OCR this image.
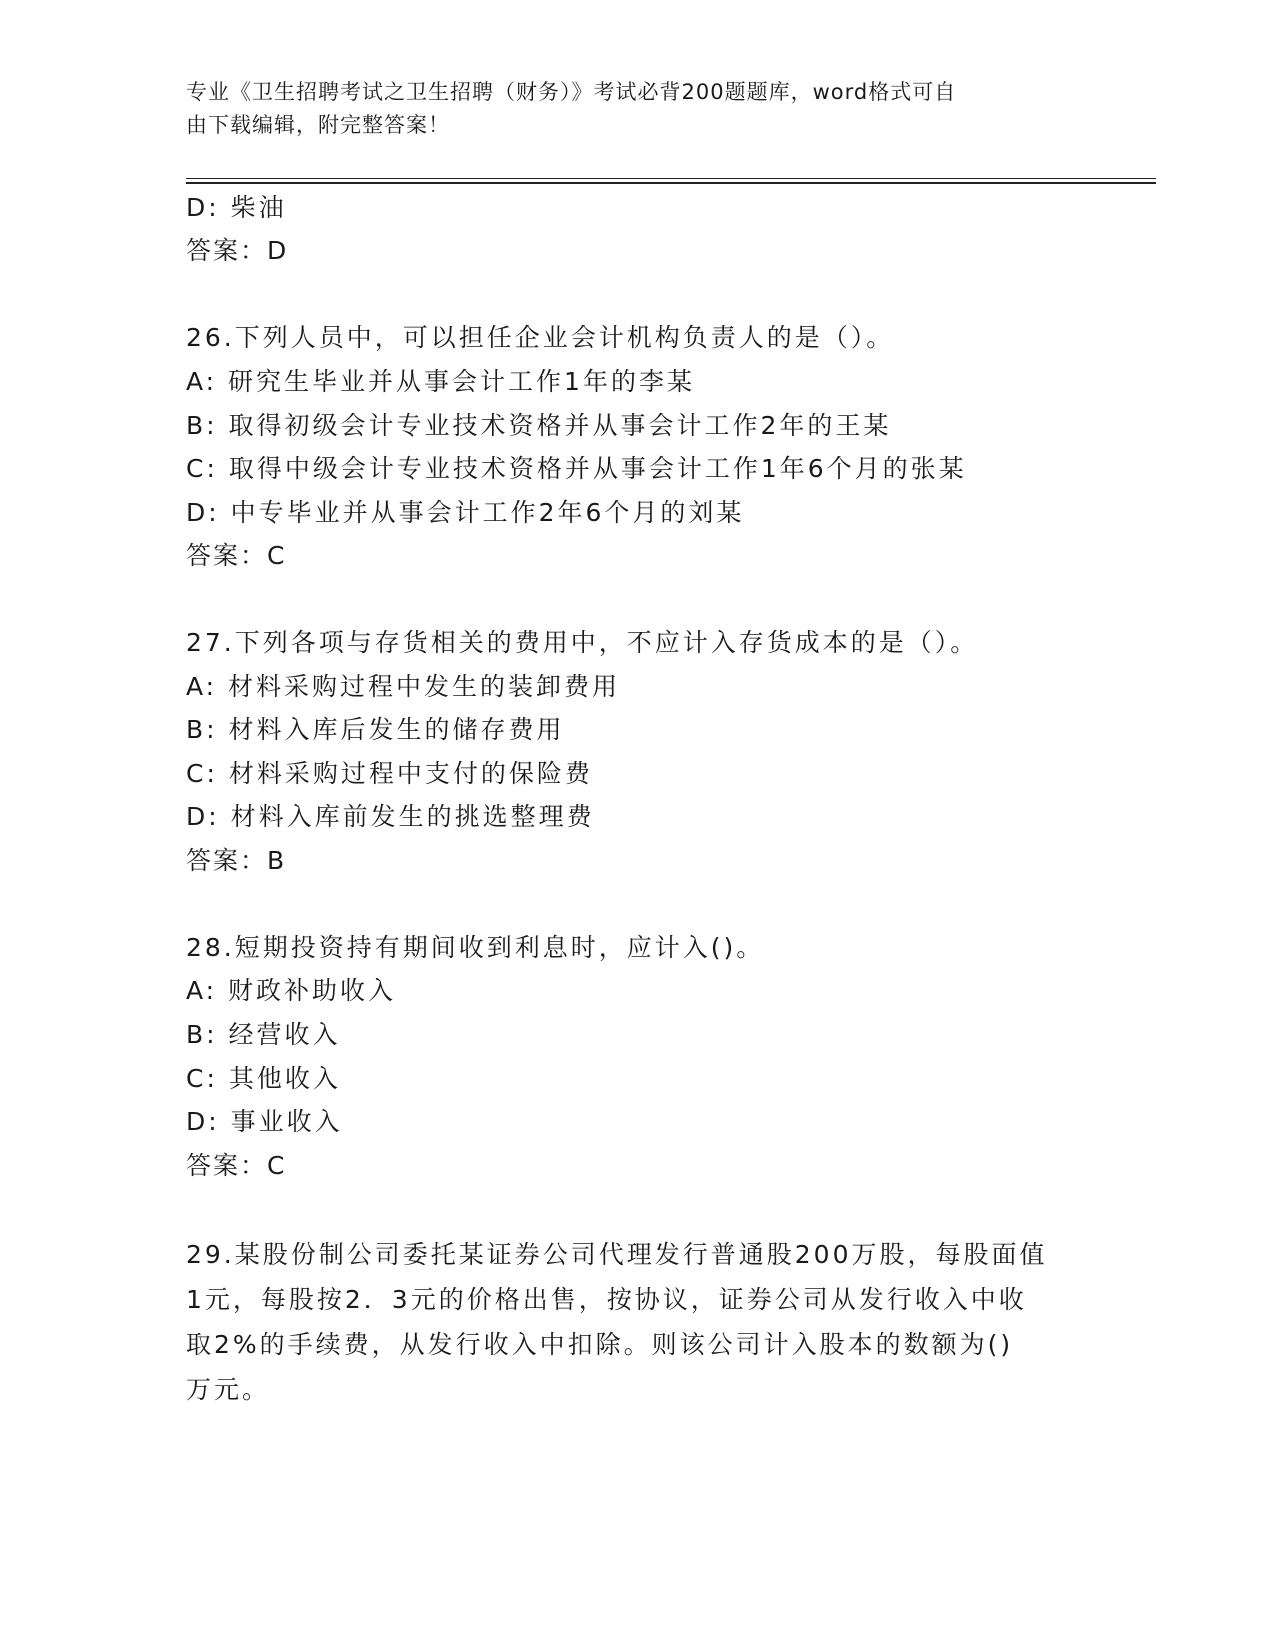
专业《卫生招聘考试之卫生招聘（财务）》考试必背200题题库，word格式可自
由下载编辑，附完整答案！
D: 柴油
答案：D
26.下列人员中，可以担任企业会计机构负责人的是（）。
A: 研究生毕业并从事会计工作1年的李某
B: 取得初级会计专业技术资格并从事会计工作2年的王某
C: 取得中级会计专业技术资格并从事会计工作1年6个月的张某
D: 中专毕业并从事会计工作2年6个月的刘某
答案：C
27.下列各项与存货相关的费用中，不应计入存货成本的是（）。
A: 材料采购过程中发生的装卸费用
B: 材料入库后发生的储存费用
C: 材料采购过程中支付的保险费
D: 材料入库前发生的挑选整理费
答案：B
28.短期投资持有期间收到利息时，应计入()。
A: 财政补助收入
B: 经营收入
C: 其他收入
D: 事业收入
答案：C
29.某股份制公司委托某证券公司代理发行普通股200万股，每股面值
1元，每股按2．3元的价格出售，按协议，证券公司从发行收入中收
取2%的手续费，从发行收入中扣除。则该公司计入股本的数额为()
万元。
